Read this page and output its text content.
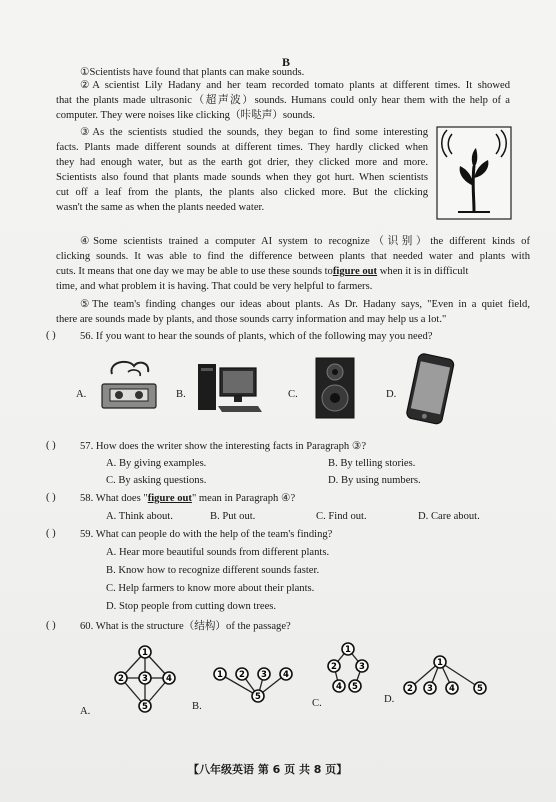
B
①Scientists have found that plants can make sounds.
②A scientist Lily Hadany and her team recorded tomato plants at different times. It showed
that the plants made ultrasonic（超声波）sounds. Humans could only hear them with the help of a
computer. They were noises like clicking（咔哒声）sounds.
③As the scientists studied the sounds, they began to find some interesting
facts. Plants made different sounds at different times. They hardly clicked when
they had enough water, but as the earth got drier, they clicked more and more.
Scientists also found that plants made sounds when they got hurt. When scientists
cut off a leaf from the plants, the plants also clicked more. But the clicking
wasn't the same as when the plants needed water.
④Some scientists trained a computer AI system to recognize（识别）the different kinds of
clicking sounds. It was able to find the difference between plants that needed water and plants with
cuts. It means that one day we may be able to use these sounds tofigure out when it is in difficult
time, and what problem it is having. That could be very helpful to farmers.
⑤The team's finding changes our ideas about plants. As Dr. Hadany says, "Even in a quiet field,
there are sounds made by plants, and those sounds carry information and may help us a lot."
( ) 56. If you want to hear the sounds of plants, which of the following may you need?
A.	B.	C.	D.
( ) 57. How does the writer show the interesting facts in Paragraph ③?
A. By giving examples.	B. By telling stories.
C. By asking questions.	D. By using numbers.
( ) 58. What does "figure out" mean in Paragraph ④?
A. Think about.	B. Put out.	C. Find out.	D. Care about.
( ) 59. What can people do with the help of the team's finding?
A. Hear more beautiful sounds from different plants.
B. Know how to recognize different sounds faster.
C. Help farmers to know more about their plants.
D. Stop people from cutting down trees.
( ) 60. What is the structure（结构）of the passage?
A.
1
2 3 4
5	B.
1 2 3 4
5
C.
1
2	3
4 5
D.
1
2 3 4	5
【八年级英语 第 6 页 共 8 页】
